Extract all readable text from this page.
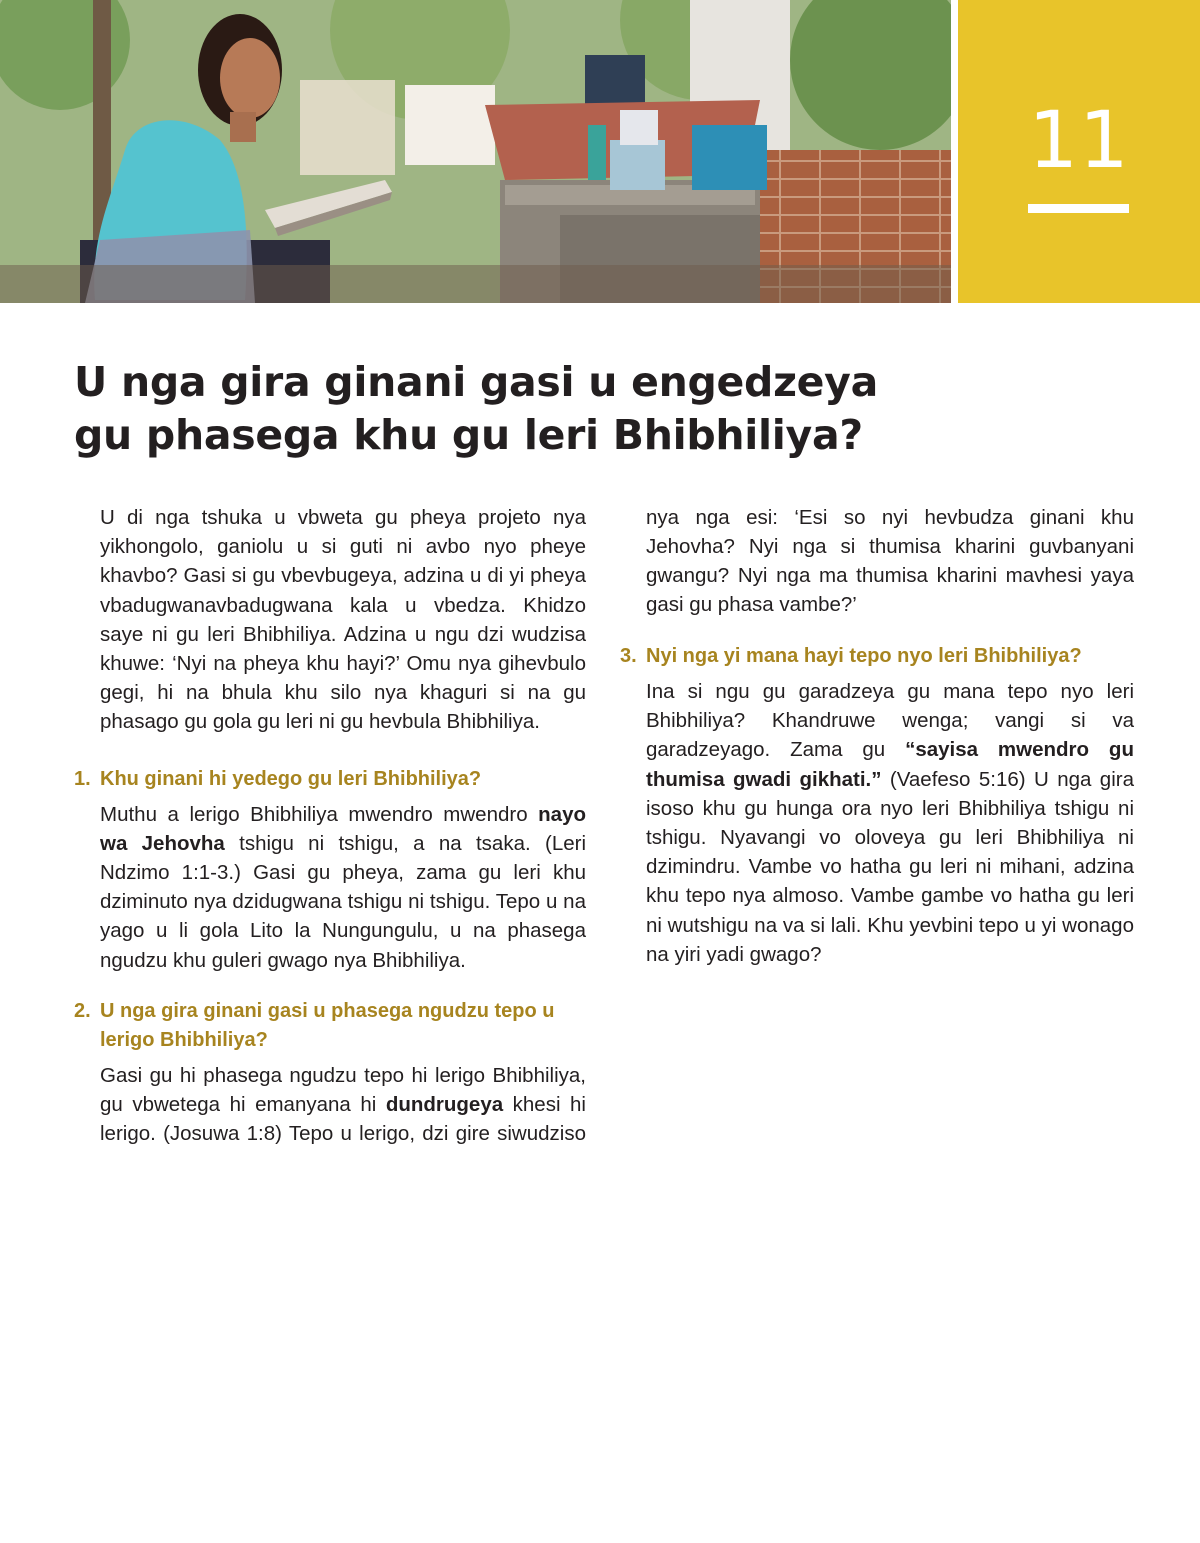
11
U nga gira ginani gasi u engedzeya
gu phasega khu gu leri Bhibhiliya?

U di nga tshuka u vbweta gu pheya projeto nya yikhongolo, ganiolu u si guti ni avbo nyo pheye khavbo? Gasi si gu vbevbugeya, adzina u di yi pheya vbadugwanavbadugwana kala u vbedza. Khidzo saye ni gu leri Bhibhiliya. Adzina u ngu dzi wudzisa khuwe: ‘Nyi na pheya khu hayi?’ Omu nya gihevbulo gegi, hi na bhula khu silo nya khaguri si na gu phasago gu gola gu leri ni gu hevbula Bhibhiliya.

1. Khu ginani hi yedego gu leri Bhibhiliya?

Muthu a lerigo Bhibhiliya mwendro mwendro nayo wa Jehovha tshigu ni tshigu, a na tsaka. (Leri Ndzimo 1:1-3.) Gasi gu pheya, zama gu leri khu dziminuto nya dzidugwana tshigu ni tshigu. Tepo u na yago u li gola Lito la Nungungulu, u na phasega ngudzu khu guleri gwago nya Bhibhiliya.

2. U nga gira ginani gasi u phasega ngudzu tepo u lerigo Bhibhiliya?

Gasi gu hi phasega ngudzu tepo hi lerigo Bhibhiliya, gu vbwetega hi emanyana hi dundrugeya khesi hi lerigo. (Josuwa 1:8) Tepo u lerigo, dzi gire siwudziso

nya nga esi: ‘Esi so nyi hevbudza ginani khu Jehovha? Nyi nga si thumisa kharini guvbanyani gwangu? Nyi nga ma thumisa kharini mavhesi yaya gasi gu phasa vambe?’

3. Nyi nga yi mana hayi tepo nyo leri Bhibhiliya?

Ina si ngu gu garadzeya gu mana tepo nyo leri Bhibhiliya? Khandruwe wenga; vangi si va garadzeyago. Zama gu “sayisa mwendro gu thumisa gwadi gikhati.” (Vaefeso 5:16) U nga gira isoso khu gu hunga ora nyo leri Bhibhiliya tshigu ni tshigu. Nyavangi vo oloveya gu leri Bhibhiliya ni dzimindru. Vambe vo hatha gu leri ni mihani, adzina khu tepo nya almoso. Vambe gambe vo hatha gu leri ni wutshigu na va si lali. Khu yevbini tepo u yi wonago na yiri yadi gwago?
